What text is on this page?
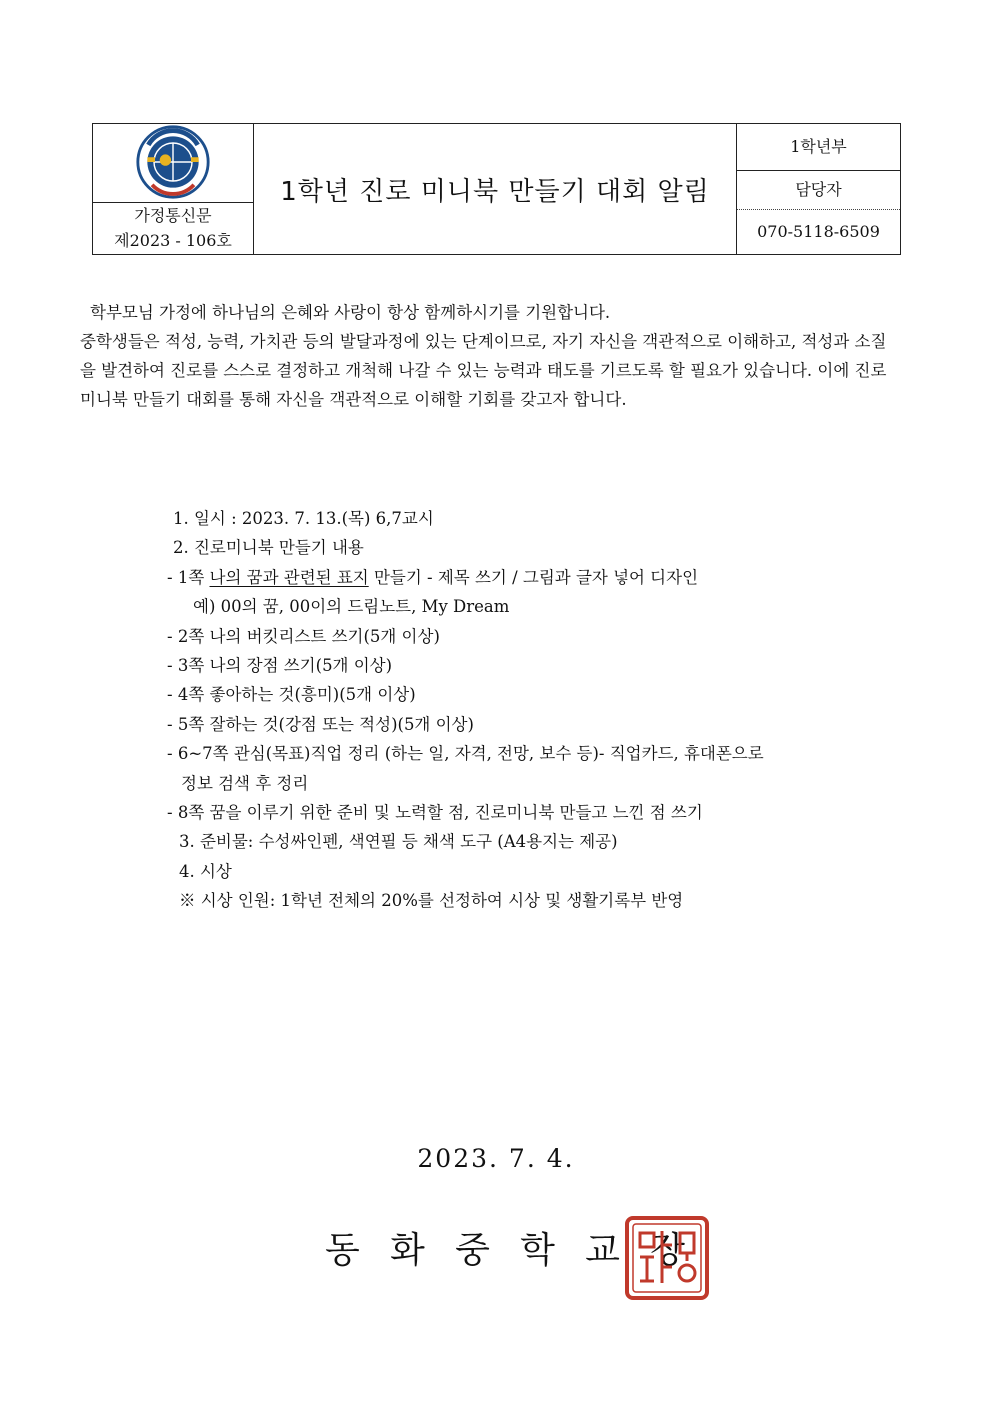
가정통신문
제2023 - 106호
1학년 진로 미니북 만들기 대회 알림
1학년부
담당자
070-5118-6509

학부모님 가정에 하나님의 은혜와 사랑이 항상 함께하시기를 기원합니다.

중학생들은 적성, 능력, 가치관 등의 발달과정에 있는 단계이므로, 자기 자신을 객관적으로 이해하고, 적성과 소질

을 발견하여 진로를 스스로 결정하고 개척해 나갈 수 있는 능력과 태도를 기르도록 할 필요가 있습니다. 이에 진로

미니북 만들기 대회를 통해 자신을 객관적으로 이해할 기회를 갖고자 합니다.

1. 일시 : 2023. 7. 13.(목) 6,7교시

2. 진로미니북 만들기 내용

- 1쪽 나의 꿈과 관련된 표지 만들기 - 제목 쓰기 / 그림과 글자 넣어 디자인

예) 00의 꿈, 00이의 드림노트, My Dream

- 2쪽 나의 버킷리스트 쓰기(5개 이상)

- 3쪽 나의 장점 쓰기(5개 이상)

- 4쪽 좋아하는 것(흥미)(5개 이상)

- 5쪽 잘하는 것(강점 또는 적성)(5개 이상)

- 6~7쪽 관심(목표)직업 정리 (하는 일, 자격, 전망, 보수 등)- 직업카드, 휴대폰으로

정보 검색 후 정리

- 8쪽 꿈을 이루기 위한 준비 및 노력할 점, 진로미니북 만들고 느낀 점 쓰기

3. 준비물: 수성싸인펜, 색연필 등 채색 도구 (A4용지는 제공)

4. 시상

※ 시상 인원: 1학년 전체의 20%를 선정하여 시상 및 생활기록부 반영

2023. 7. 4.
동 화 중 학 교 장
